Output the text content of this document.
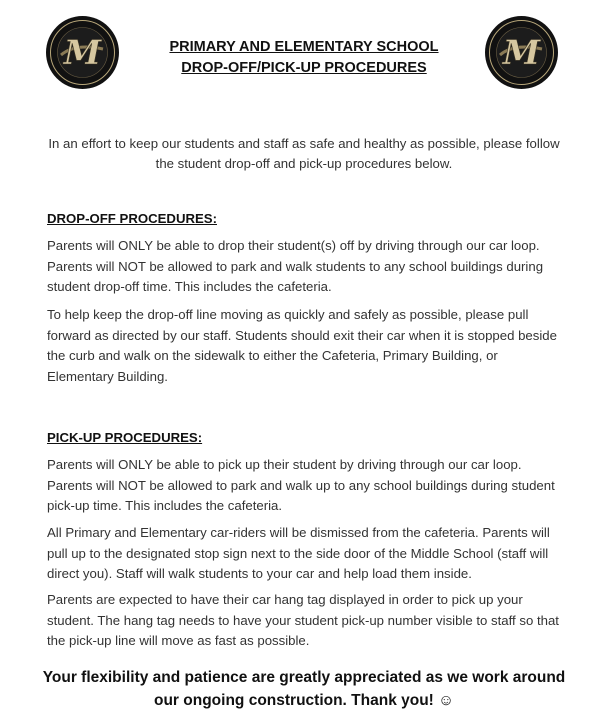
M	M
PRIMARY AND ELEMENTARY SCHOOL
DROP-OFF/PICK-UP PROCEDURES
In an effort to keep our students and staff as safe and healthy as possible, please follow the student drop-off and pick-up procedures below.
DROP-OFF PROCEDURES:
Parents will ONLY be able to drop their student(s) off by driving through our car loop. Parents will NOT be allowed to park and walk students to any school buildings during student drop-off time. This includes the cafeteria.
To help keep the drop-off line moving as quickly and safely as possible, please pull forward as directed by our staff. Students should exit their car when it is stopped beside the curb and walk on the sidewalk to either the Cafeteria, Primary Building, or Elementary Building.
PICK-UP PROCEDURES:
Parents will ONLY be able to pick up their student by driving through our car loop. Parents will NOT be allowed to park and walk up to any school buildings during student pick-up time. This includes the cafeteria.
All Primary and Elementary car-riders will be dismissed from the cafeteria. Parents will pull up to the designated stop sign next to the side door of the Middle School (staff will direct you). Staff will walk students to your car and help load them inside.
Parents are expected to have their car hang tag displayed in order to pick up your student. The hang tag needs to have your student pick-up number visible to staff so that the pick-up line will move as fast as possible.
Your flexibility and patience are greatly appreciated as we work around our ongoing construction. Thank you! ☺
